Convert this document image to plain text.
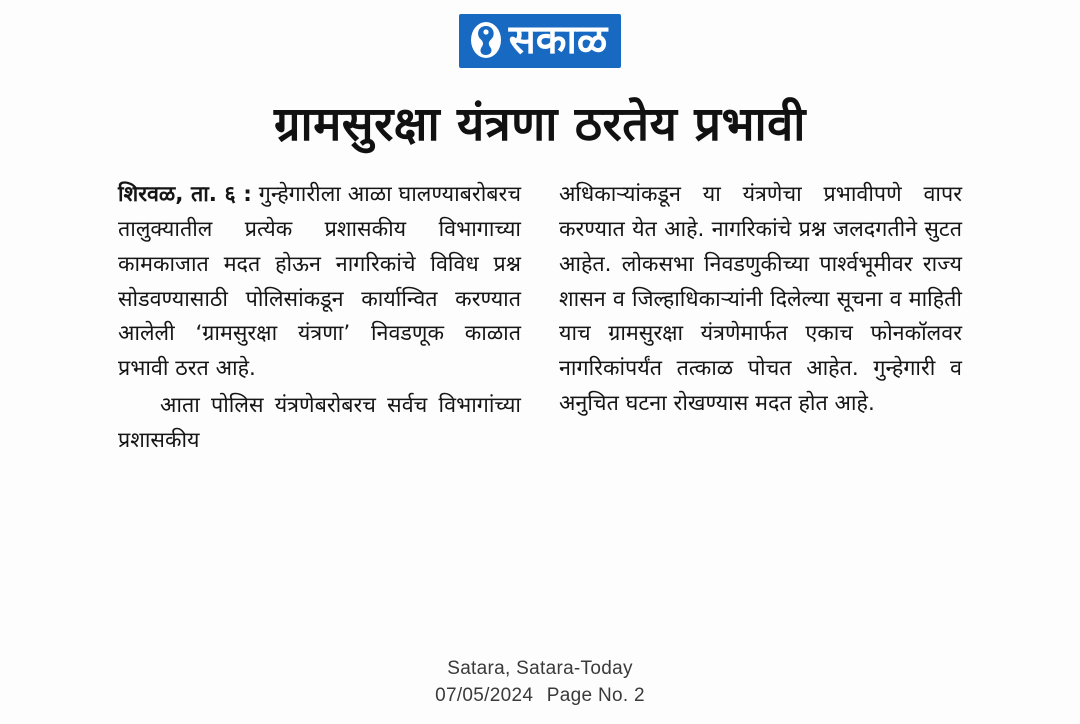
सकाळ
ग्रामसुरक्षा यंत्रणा ठरतेय प्रभावी

शिरवळ, ता. ६ : गुन्हेगारीला आळा घालण्याबरोबरच तालुक्यातील प्रत्येक प्रशासकीय विभागाच्या कामकाजात मदत होऊन नागरिकांचे विविध प्रश्न सोडवण्यासाठी पोलिसांकडून कार्यान्वित करण्यात आलेली ‘ग्रामसुरक्षा यंत्रणा’ निवडणूक काळात प्रभावी ठरत आहे.

आता पोलिस यंत्रणेबरोबरच सर्वच विभागांच्या प्रशासकीय

अधिकाऱ्यांकडून या यंत्रणेचा प्रभावीपणे वापर करण्यात येत आहे. नागरिकांचे प्रश्न जलदगतीने सुटत आहेत. लोकसभा निवडणुकीच्या पार्श्वभूमीवर राज्य शासन व जिल्हाधिकाऱ्यांनी दिलेल्या सूचना व माहिती याच ग्रामसुरक्षा यंत्रणेमार्फत एकाच फोनकॉलवर नागरिकांपर्यंत तत्काळ पोचत आहेत. गुन्हेगारी व अनुचित घटना रोखण्यास मदत होत आहे.

Satara, Satara-Today
07/05/2024 Page No. 2
